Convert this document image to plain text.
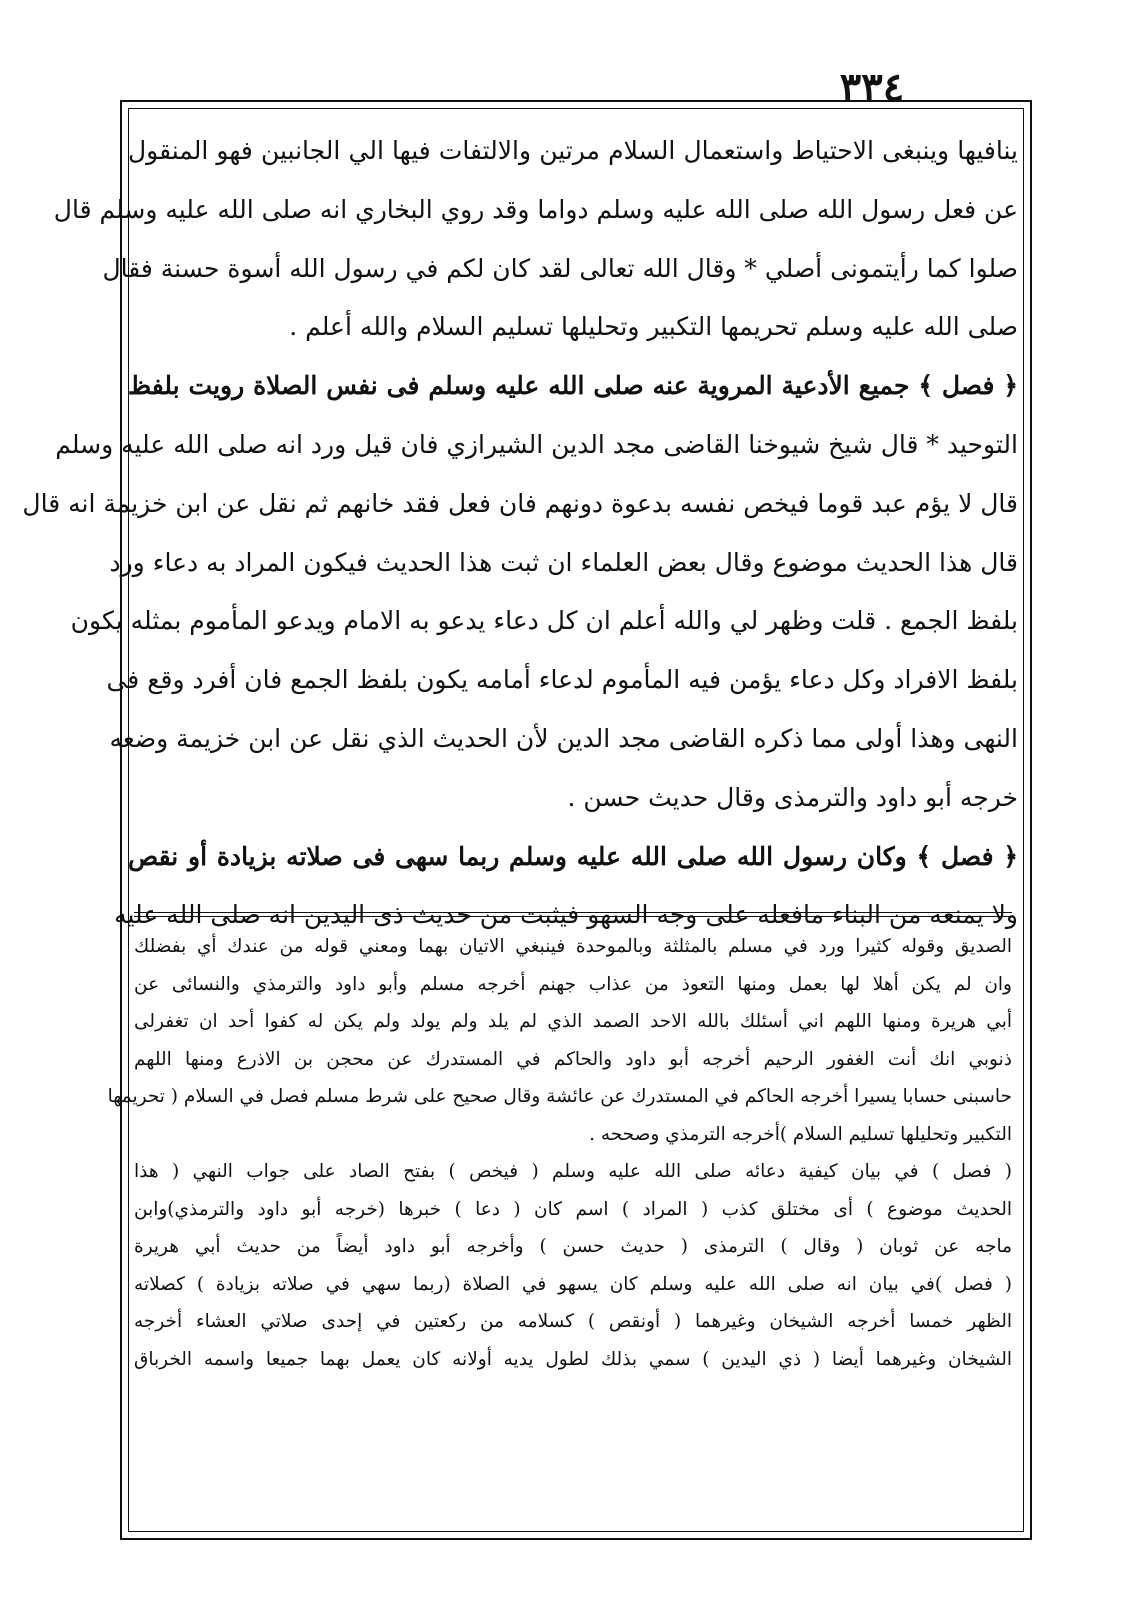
٣٣٤
ينافيها وينبغى الاحتياط واستعمال السلام مرتين والالتفات فيها الي الجانبين فهو المنقول
عن فعل رسول الله صلى الله عليه وسلم دواما وقد روي البخاري انه صلى الله عليه وسلم قال
صلوا كما رأيتمونى أصلي * وقال الله تعالى لقد كان لكم في رسول الله أسوة حسنة فقال
صلى الله عليه وسلم تحريمها التكبير وتحليلها تسليم السلام والله أعلم .
﴿ فصل ﴾ جميع الأدعية المروية عنه صلى الله عليه وسلم فى نفس الصلاة رويت بلفظ
التوحيد * قال شيخ شيوخنا القاضى مجد الدين الشيرازي فان قيل ورد انه صلى الله عليه وسلم
قال لا يؤم عبد قوما فيخص نفسه بدعوة دونهم فان فعل فقد خانهم ثم نقل عن ابن خزيمة انه قال
قال هذا الحديث موضوع وقال بعض العلماء ان ثبت هذا الحديث فيكون المراد به دعاء ورد
بلفظ الجمع . قلت وظهر لي والله أعلم ان كل دعاء يدعو به الامام ويدعو المأموم بمثله يكون
بلفظ الافراد وكل دعاء يؤمن فيه المأموم لدعاء أمامه يكون بلفظ الجمع فان أفرد وقع فى
النهى وهذا أولى مما ذكره القاضى مجد الدين لأن الحديث الذي نقل عن ابن خزيمة وضعه
خرجه أبو داود والترمذى وقال حديث حسن .
﴿ فصل ﴾ وكان رسول الله صلى الله عليه وسلم ربما سهى فى صلاته بزيادة أو نقص
ولا يمنعه من البناء مافعله على وجه السهو فيثبت من حديث ذى اليدين انه صلى الله عليه
الصديق وقوله كثيرا ورد في مسلم بالمثلثة وبالموحدة فينبغي الاتيان بهما ومعني قوله من عندك أي بفضلك
وان لم يكن أهلا لها بعمل ومنها التعوذ من عذاب جهنم أخرجه مسلم وأبو داود والترمذي والنسائى عن
أبي هريرة ومنها اللهم اني أسئلك بالله الاحد الصمد الذي لم يلد ولم يولد ولم يكن له كفوا أحد ان تغفرلى
ذنوبي انك أنت الغفور الرحيم أخرجه أبو داود والحاكم في المستدرك عن محجن بن الاذرع ومنها اللهم
حاسبنى حسابا يسيرا أخرجه الحاكم في المستدرك عن عائشة وقال صحيح على شرط مسلم فصل في السلام ( تحريمها
التكبير وتحليلها تسليم السلام )أخرجه الترمذي وصححه .
( فصل ) في بيان كيفية دعائه صلى الله عليه وسلم ( فيخص ) بفتح الصاد على جواب النهي ( هذا
الحديث موضوع ) أى مختلق كذب ( المراد ) اسم كان ( دعا ) خبرها (خرجه أبو داود والترمذي)وابن
ماجه عن ثوبان ( وقال ) الترمذى ( حديث حسن ) وأخرجه أبو داود أيضاً من حديث أبي هريرة
( فصل )في بيان انه صلى الله عليه وسلم كان يسهو في الصلاة (ربما سهي في صلاته بزيادة ) كصلاته
الظهر خمسا أخرجه الشيخان وغيرهما ( أونقص ) كسلامه من ركعتين في إحدى صلاتي العشاء أخرجه
الشيخان وغيرهما أيضا ( ذي اليدين ) سمي بذلك لطول يديه أولانه كان يعمل بهما جميعا واسمه الخرباق
